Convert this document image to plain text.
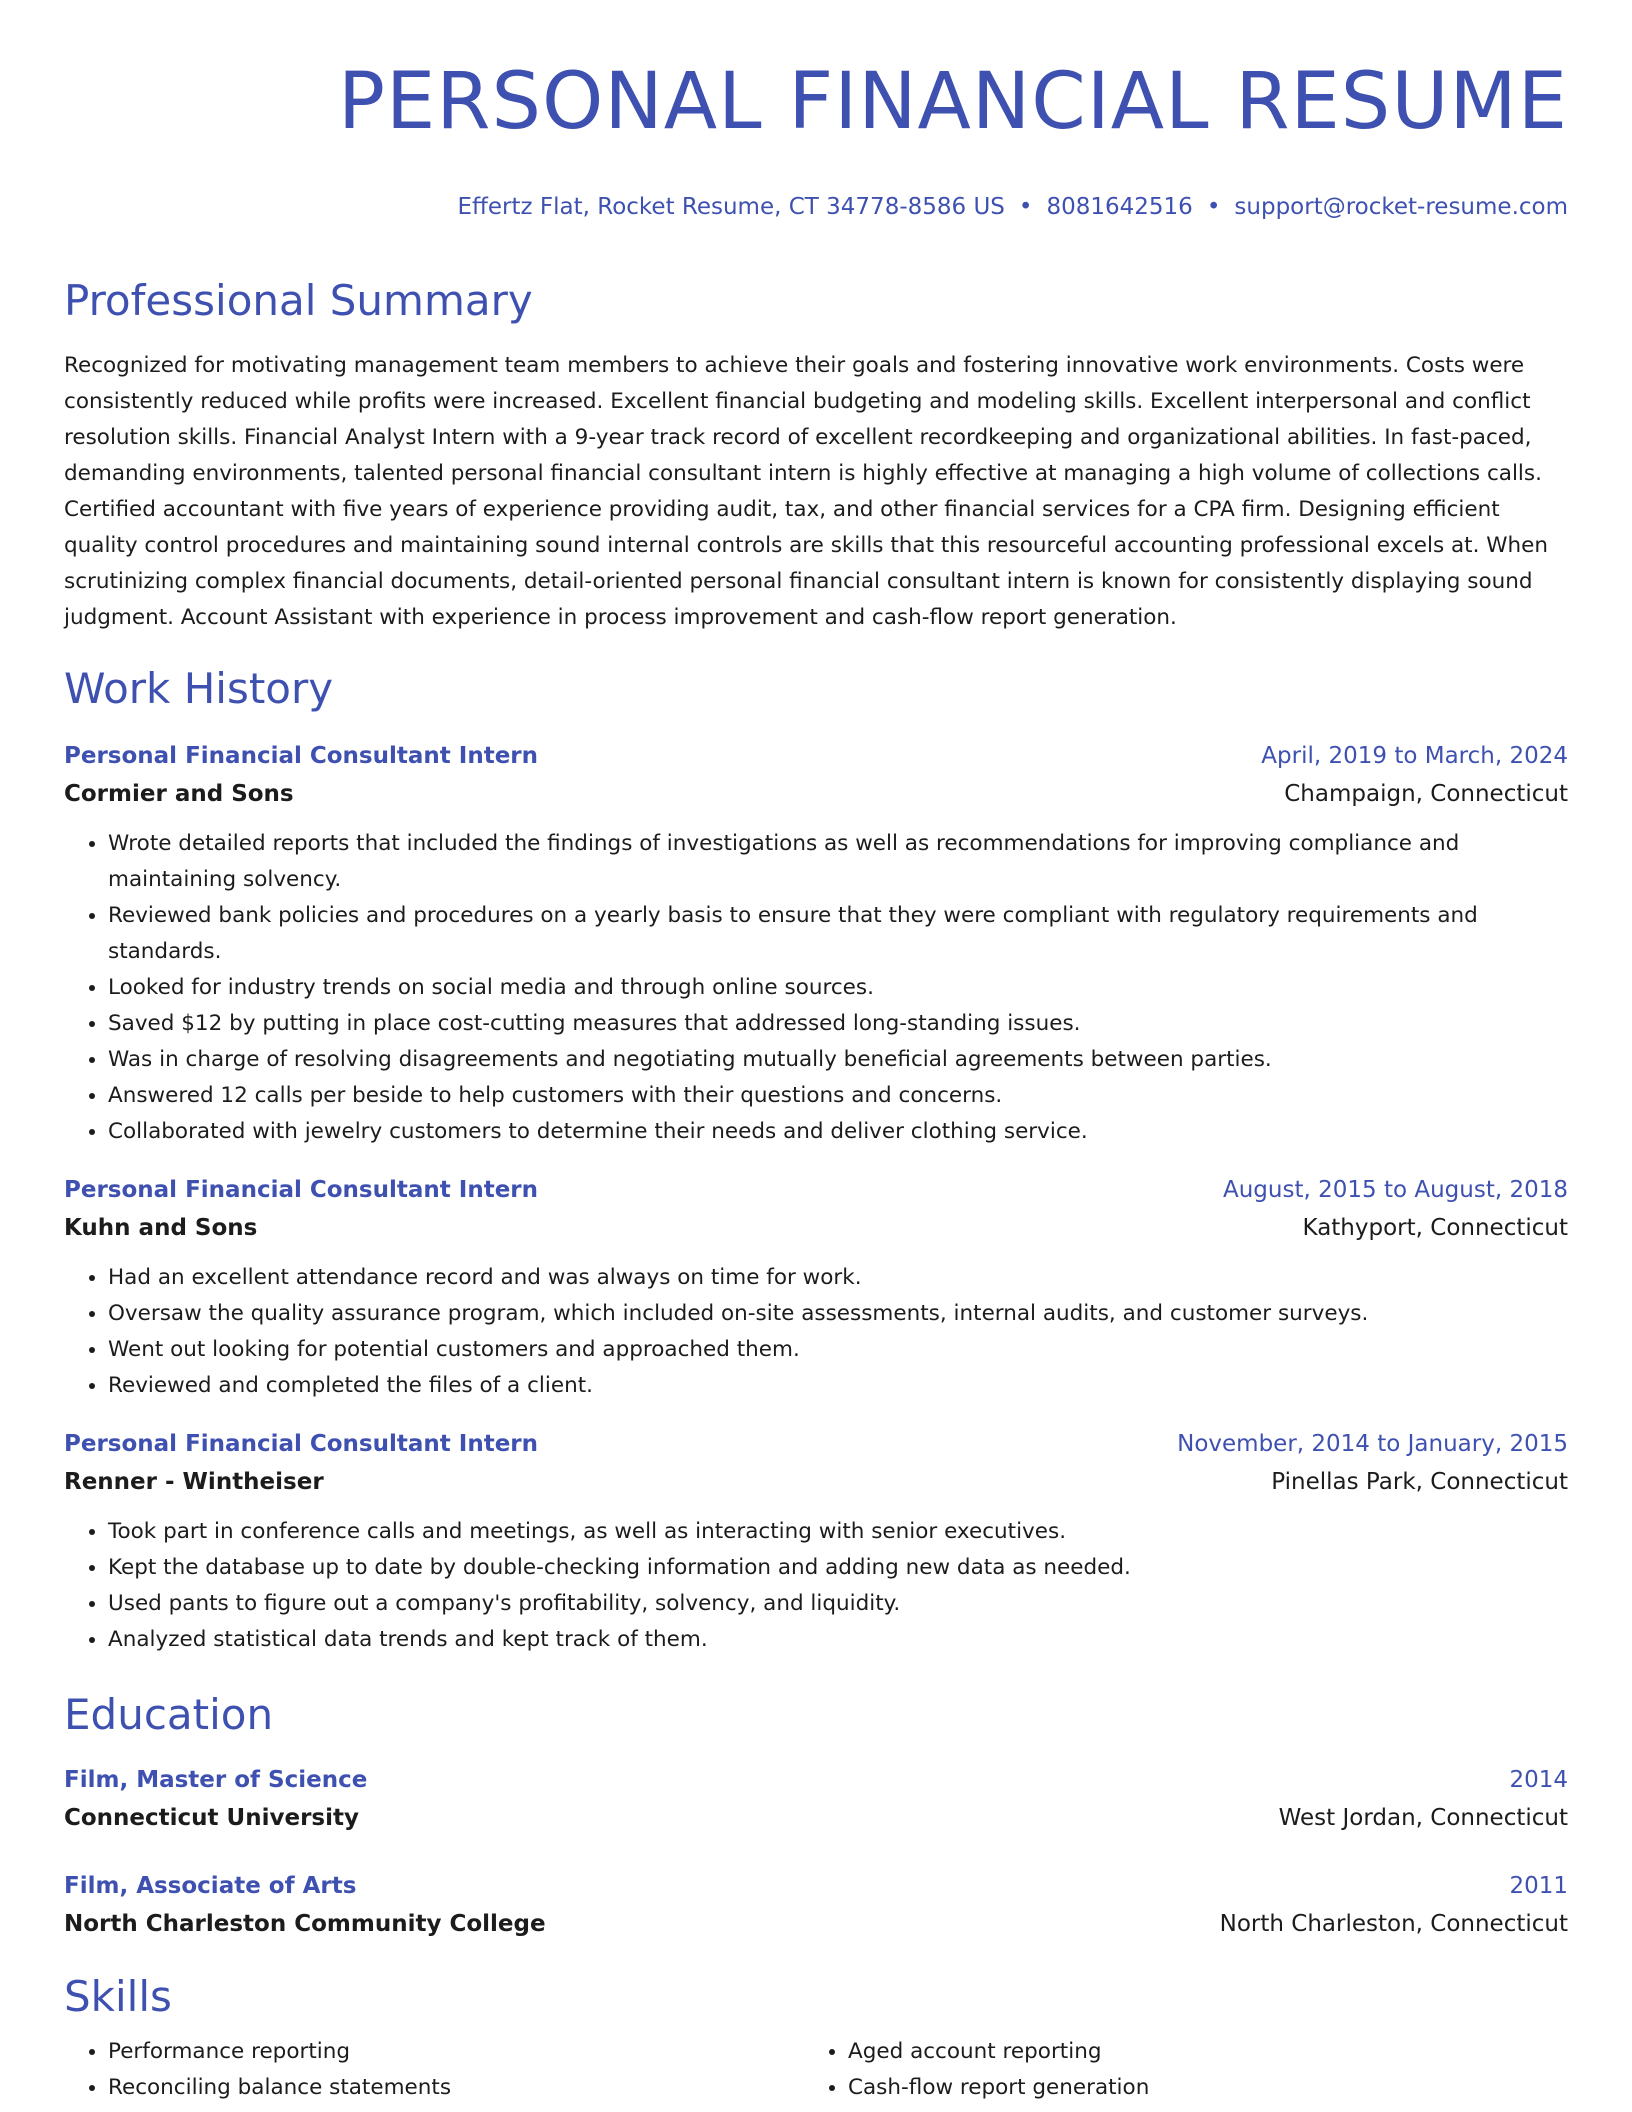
PERSONAL FINANCIAL RESUME
Effertz Flat, Rocket Resume, CT 34778-8586 US • 8081642516 • support@rocket-resume.com
Professional Summary

Recognized for motivating management team members to achieve their goals and fostering innovative work environments. Costs were consistently reduced while profits were increased. Excellent financial budgeting and modeling skills. Excellent interpersonal and conflict resolution skills. Financial Analyst Intern with a 9-year track record of excellent recordkeeping and organizational abilities. In fast-paced, demanding environments, talented personal financial consultant intern is highly effective at managing a high volume of collections calls. Certified accountant with five years of experience providing audit, tax, and other financial services for a CPA firm. Designing efficient quality control procedures and maintaining sound internal controls are skills that this resourceful accounting professional excels at. When scrutinizing complex financial documents, detail-oriented personal financial consultant intern is known for consistently displaying sound judgment. Account Assistant with experience in process improvement and cash-flow report generation.

Work History
Personal Financial Consultant Intern	April, 2019 to March, 2024
Cormier and Sons	Champaign, Connecticut
• Wrote detailed reports that included the findings of investigations as well as recommendations for improving compliance and maintaining solvency.
• Reviewed bank policies and procedures on a yearly basis to ensure that they were compliant with regulatory requirements and standards.
• Looked for industry trends on social media and through online sources.
• Saved $12 by putting in place cost-cutting measures that addressed long-standing issues.
• Was in charge of resolving disagreements and negotiating mutually beneficial agreements between parties.
• Answered 12 calls per beside to help customers with their questions and concerns.
• Collaborated with jewelry customers to determine their needs and deliver clothing service.
Personal Financial Consultant Intern	August, 2015 to August, 2018
Kuhn and Sons	Kathyport, Connecticut
• Had an excellent attendance record and was always on time for work.
• Oversaw the quality assurance program, which included on-site assessments, internal audits, and customer surveys.
• Went out looking for potential customers and approached them.
• Reviewed and completed the files of a client.
Personal Financial Consultant Intern	November, 2014 to January, 2015
Renner - Wintheiser	Pinellas Park, Connecticut
• Took part in conference calls and meetings, as well as interacting with senior executives.
• Kept the database up to date by double-checking information and adding new data as needed.
• Used pants to figure out a company's profitability, solvency, and liquidity.
• Analyzed statistical data trends and kept track of them.
Education
Film, Master of Science	2014
Connecticut University	West Jordan, Connecticut
Film, Associate of Arts	2011
North Charleston Community College	North Charleston, Connecticut
Skills
• Performance reporting
• Reconciling balance statements
• Aged account reporting
• Cash-flow report generation
